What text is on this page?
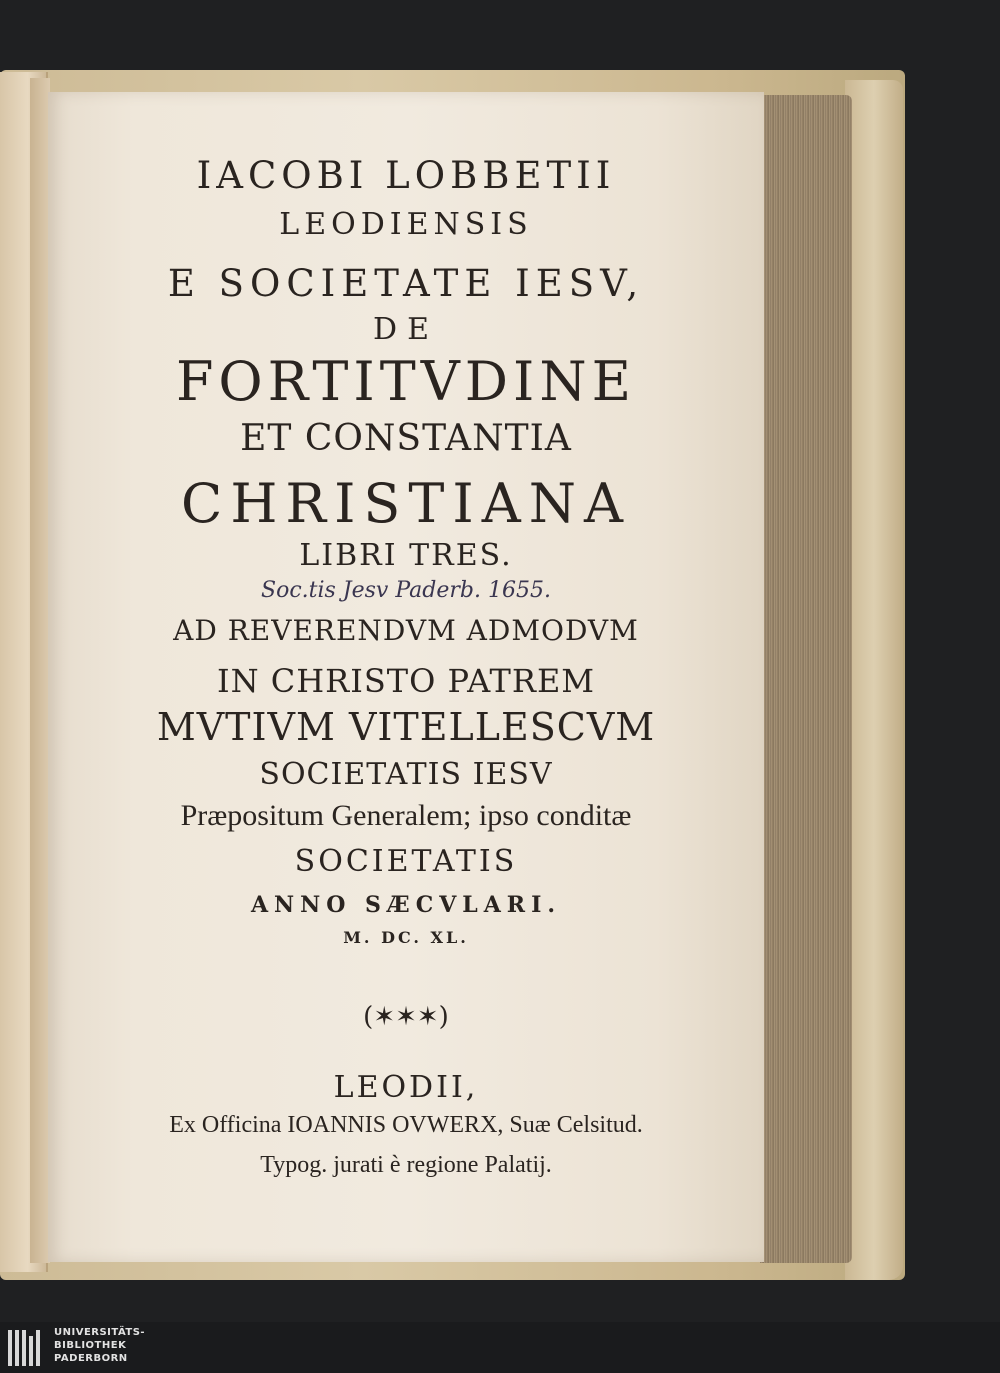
IACOBI LOBBETII
LEODIENSIS
E SOCIETATE IESV,
DE
FORTITVDINE
ET CONSTANTIA
CHRISTIANA
LIBRI TRES.
Soc.tis Jesv Paderb. 1655.
AD REVERENDVM ADMODVM
IN CHRISTO PATREM
MVTIVM VITELLESCVM
SOCIETATIS IESV
Præpositum Generalem; ipso conditæ
SOCIETATIS
ANNO SÆCVLARI.
M. DC. XL.
(✶✶✶)
LEODII,
Ex Officina IOANNIS OVWERX, Suæ Celsitud.
Typog. jurati è regione Palatij.
UNIVERSITÄTS-
BIBLIOTHEK
PADERBORN
